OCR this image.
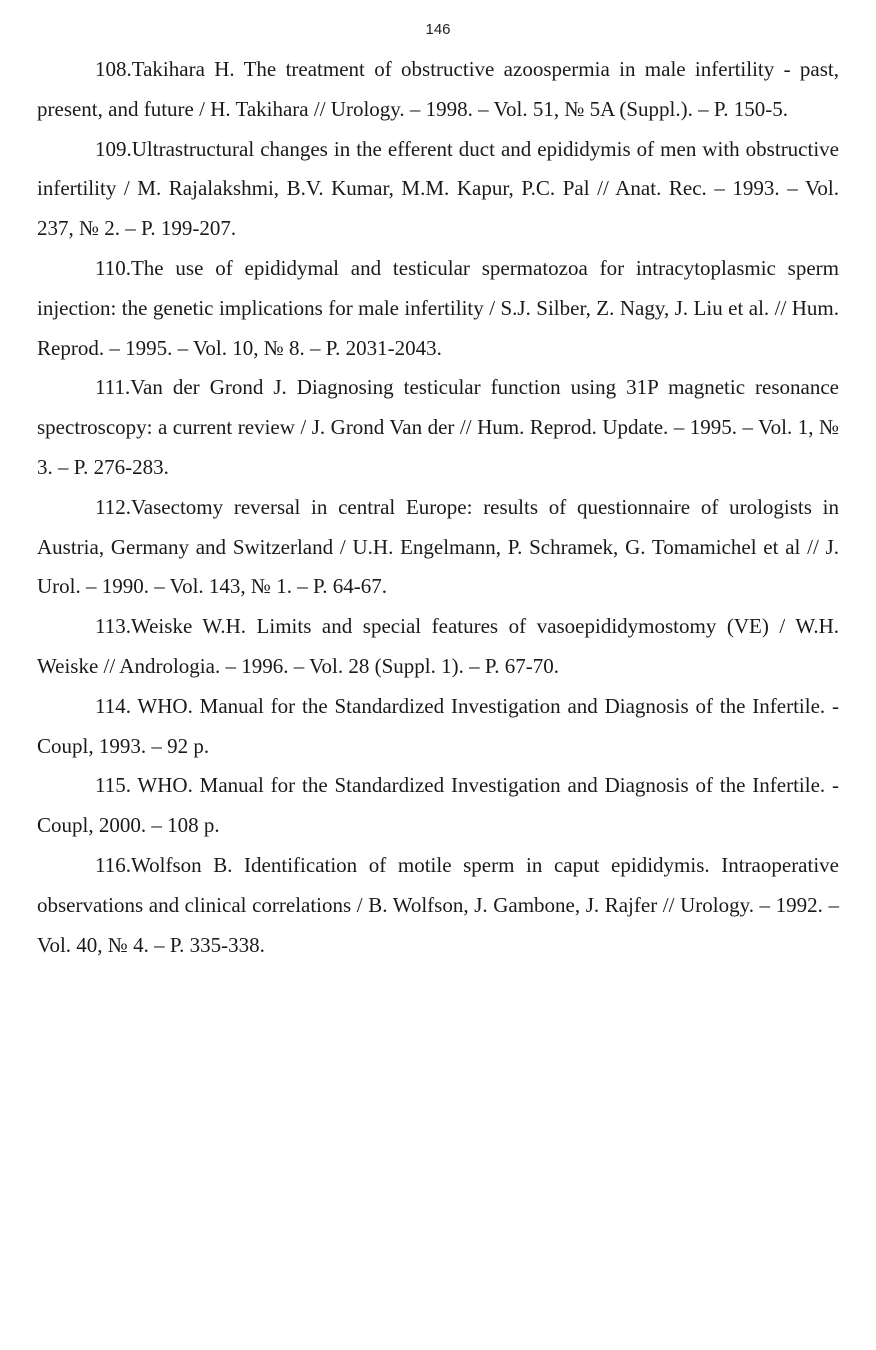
146
108.Takihara H. The treatment of obstructive azoospermia in male infertility - past, present, and future / H. Takihara // Urology. – 1998. – Vol. 51, № 5A (Suppl.). – P. 150-5.
109.Ultrastructural changes in the efferent duct and epididymis of men with obstructive infertility / M. Rajalakshmi, B.V. Kumar, M.M. Kapur, P.C. Pal // Anat. Rec. – 1993. – Vol. 237, № 2. – P. 199-207.
110.The use of epididymal and testicular spermatozoa for intracytoplasmic sperm injection: the genetic implications for male infertility / S.J. Silber, Z. Nagy, J. Liu et al. // Hum. Reprod. – 1995. – Vol. 10, № 8. – P. 2031-2043.
111.Van der Grond J. Diagnosing testicular function using 31P magnetic resonance spectroscopy: a current review / J. Grond Van der // Hum. Reprod. Update. – 1995. – Vol. 1, № 3. – P. 276-283.
112.Vasectomy reversal in central Europe: results of questionnaire of urologists in Austria, Germany and Switzerland / U.H. Engelmann, P. Schramek, G. Tomamichel et al // J. Urol. – 1990. – Vol. 143, № 1. – P. 64-67.
113.Weiske W.H. Limits and special features of vasoepididymostomy (VE) / W.H. Weiske // Andrologia. – 1996. – Vol. 28 (Suppl. 1). – P. 67-70.
114. WHO. Manual for the Standardized Investigation and Diagnosis of the Infertile. - Coupl, 1993. – 92 p.
115. WHO. Manual for the Standardized Investigation and Diagnosis of the Infertile. - Coupl, 2000. – 108 p.
116.Wolfson B. Identification of motile sperm in caput epididymis. Intraoperative observations and clinical correlations / B. Wolfson, J. Gambone, J. Rajfer // Urology. – 1992. – Vol. 40, № 4. – P. 335-338.
